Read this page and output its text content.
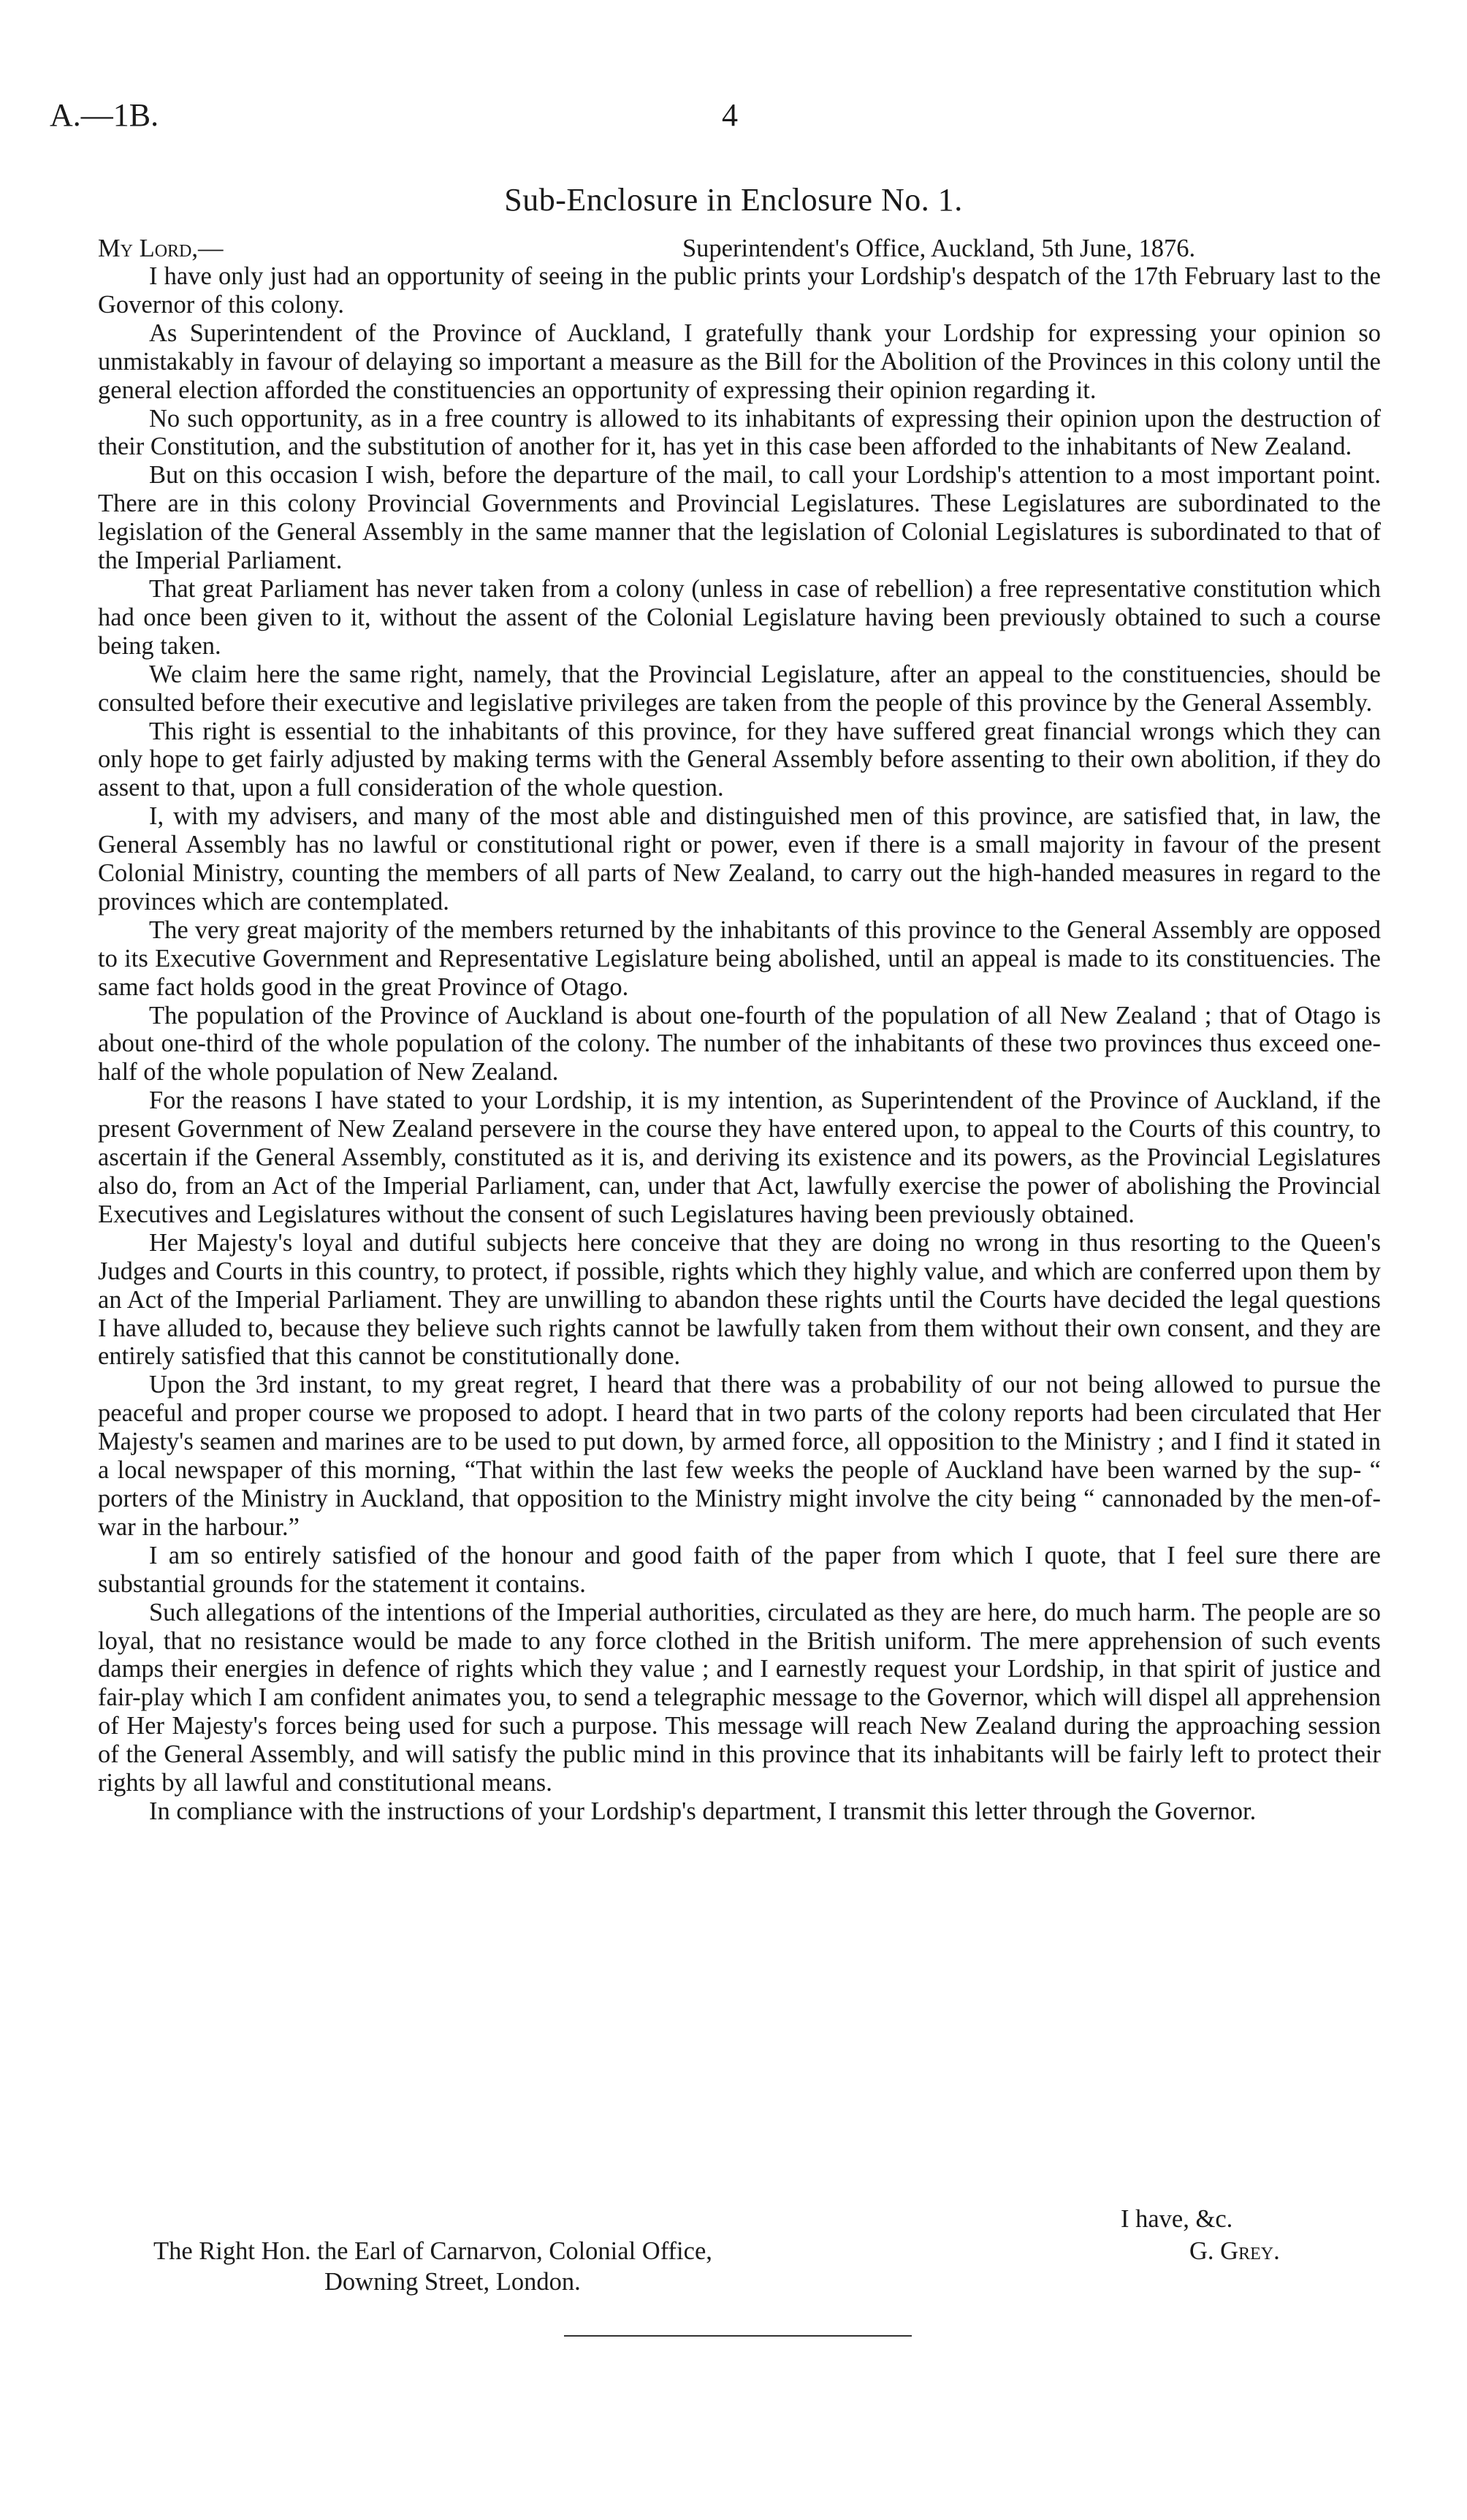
A.—1B.	4
Sub-Enclosure in Enclosure No. 1.
My Lord,—	Superintendent's Office, Auckland, 5th June, 1876.

I have only just had an opportunity of seeing in the public prints your Lordship's despatch of the 17th February last to the Governor of this colony.

As Superintendent of the Province of Auckland, I gratefully thank your Lordship for expressing your opinion so unmistakably in favour of delaying so important a measure as the Bill for the Abolition of the Provinces in this colony until the general election afforded the constituencies an opportunity of expressing their opinion regarding it.

No such opportunity, as in a free country is allowed to its inhabitants of expressing their opinion upon the destruction of their Constitution, and the substitution of another for it, has yet in this case been afforded to the inhabitants of New Zealand.

But on this occasion I wish, before the departure of the mail, to call your Lordship's attention to a most important point. There are in this colony Provincial Governments and Provincial Legislatures. These Legislatures are subordinated to the legislation of the General Assembly in the same manner that the legislation of Colonial Legislatures is subordinated to that of the Imperial Parliament.

That great Parliament has never taken from a colony (unless in case of rebellion) a free representative constitution which had once been given to it, without the assent of the Colonial Legislature having been previously obtained to such a course being taken.

We claim here the same right, namely, that the Provincial Legislature, after an appeal to the constituencies, should be consulted before their executive and legislative privileges are taken from the people of this province by the General Assembly.

This right is essential to the inhabitants of this province, for they have suffered great financial wrongs which they can only hope to get fairly adjusted by making terms with the General Assembly before assenting to their own abolition, if they do assent to that, upon a full consideration of the whole question.

I, with my advisers, and many of the most able and distinguished men of this province, are satisfied that, in law, the General Assembly has no lawful or constitutional right or power, even if there is a small majority in favour of the present Colonial Ministry, counting the members of all parts of New Zealand, to carry out the high-handed measures in regard to the provinces which are contemplated.

The very great majority of the members returned by the inhabitants of this province to the General Assembly are opposed to its Executive Government and Representative Legislature being abolished, until an appeal is made to its constituencies. The same fact holds good in the great Province of Otago.

The population of the Province of Auckland is about one-fourth of the population of all New Zealand ; that of Otago is about one-third of the whole population of the colony. The number of the inhabitants of these two provinces thus exceed one-half of the whole population of New Zealand.

For the reasons I have stated to your Lordship, it is my intention, as Superintendent of the Province of Auckland, if the present Government of New Zealand persevere in the course they have entered upon, to appeal to the Courts of this country, to ascertain if the General Assembly, constituted as it is, and deriving its existence and its powers, as the Provincial Legislatures also do, from an Act of the Imperial Parliament, can, under that Act, lawfully exercise the power of abolishing the Provincial Executives and Legislatures without the consent of such Legislatures having been previously obtained.

Her Majesty's loyal and dutiful subjects here conceive that they are doing no wrong in thus resorting to the Queen's Judges and Courts in this country, to protect, if possible, rights which they highly value, and which are conferred upon them by an Act of the Imperial Parliament. They are unwilling to abandon these rights until the Courts have decided the legal questions I have alluded to, because they believe such rights cannot be lawfully taken from them without their own consent, and they are entirely satisfied that this cannot be constitutionally done.

Upon the 3rd instant, to my great regret, I heard that there was a probability of our not being allowed to pursue the peaceful and proper course we proposed to adopt. I heard that in two parts of the colony reports had been circulated that Her Majesty's seamen and marines are to be used to put down, by armed force, all opposition to the Ministry ; and I find it stated in a local newspaper of this morning, “That within the last few weeks the people of Auckland have been warned by the sup- “ porters of the Ministry in Auckland, that opposition to the Ministry might involve the city being “ cannonaded by the men-of-war in the harbour.”

I am so entirely satisfied of the honour and good faith of the paper from which I quote, that I feel sure there are substantial grounds for the statement it contains.

Such allegations of the intentions of the Imperial authorities, circulated as they are here, do much harm. The people are so loyal, that no resistance would be made to any force clothed in the British uniform. The mere apprehension of such events damps their energies in defence of rights which they value ; and I earnestly request your Lordship, in that spirit of justice and fair-play which I am confident animates you, to send a telegraphic message to the Governor, which will dispel all apprehension of Her Majesty's forces being used for such a purpose. This message will reach New Zealand during the approaching session of the General Assembly, and will satisfy the public mind in this province that its inhabitants will be fairly left to protect their rights by all lawful and constitutional means.

In compliance with the instructions of your Lordship's department, I transmit this letter through the Governor.

I have, &c.
The Right Hon. the Earl of Carnarvon, Colonial Office,	G. Grey.
Downing Street, London.
